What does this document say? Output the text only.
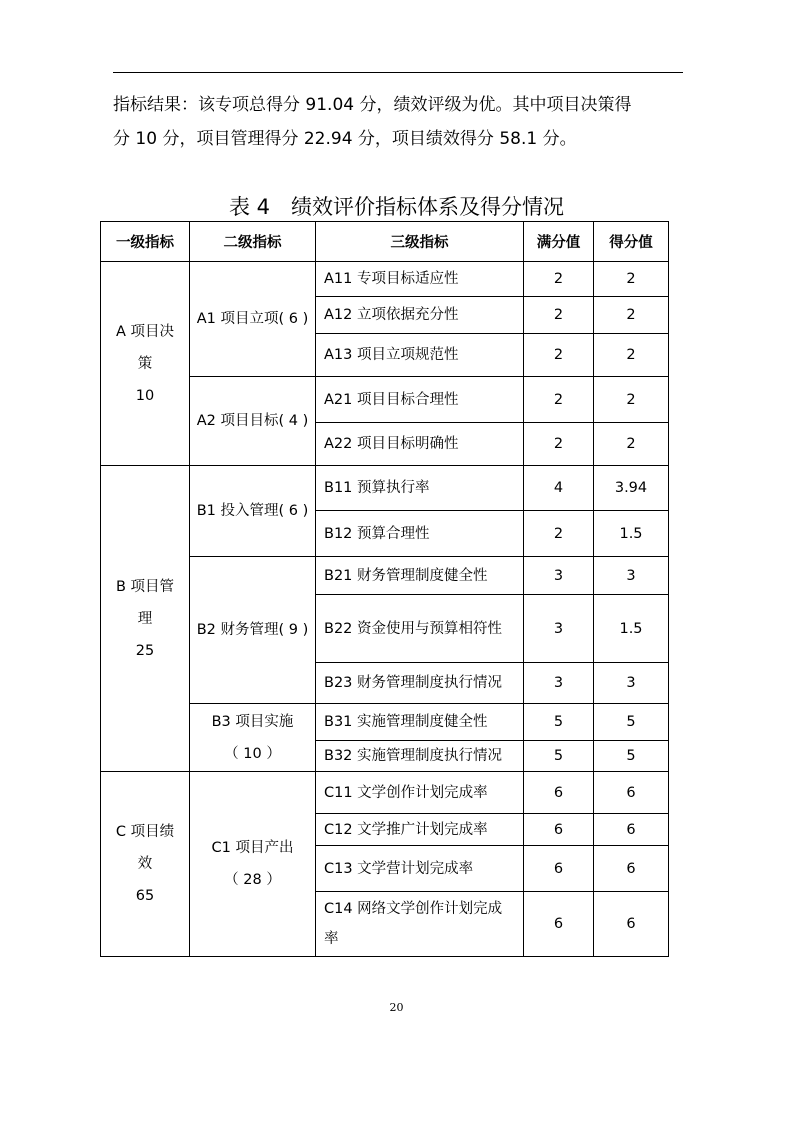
指标结果：该专项总得分 91.04 分，绩效评级为优。其中项目决策得

分 10 分，项目管理得分 22.94 分，项目绩效得分 58.1 分。

表 4　绩效评价指标体系及得分情况
一级指标	二级指标	三级指标	满分值	得分值

A 项目决
策
10	A1 项目立项( 6 )	A11 专项目标适应性	2	2
		A12 立项依据充分性	2	2
		A13 项目立项规范性	2	2

	A2 项目目标( 4 )	A21 项目目标合理性	2	2
		A22 项目目标明确性	2	2

B 项目管
理
25	B1 投入管理( 6 )	B11 预算执行率	4	3.94
		B12 预算合理性	2	1.5

	B2 财务管理( 9 )	B21 财务管理制度健全性	3	3
		B22 资金使用与预算相符性	3	1.5
		B23 财务管理制度执行情况	3	3

	B3 项目实施
（ 10 ）	B31 实施管理制度健全性	5	5
		B32 实施管理制度执行情况	5	5

C 项目绩
效
65	C1 项目产出
（ 28 ）	C11 文学创作计划完成率	6	6
		C12 文学推广计划完成率	6	6
		C13 文学营计划完成率	6	6
		C14 网络文学创作计划完成率	6	6
20
